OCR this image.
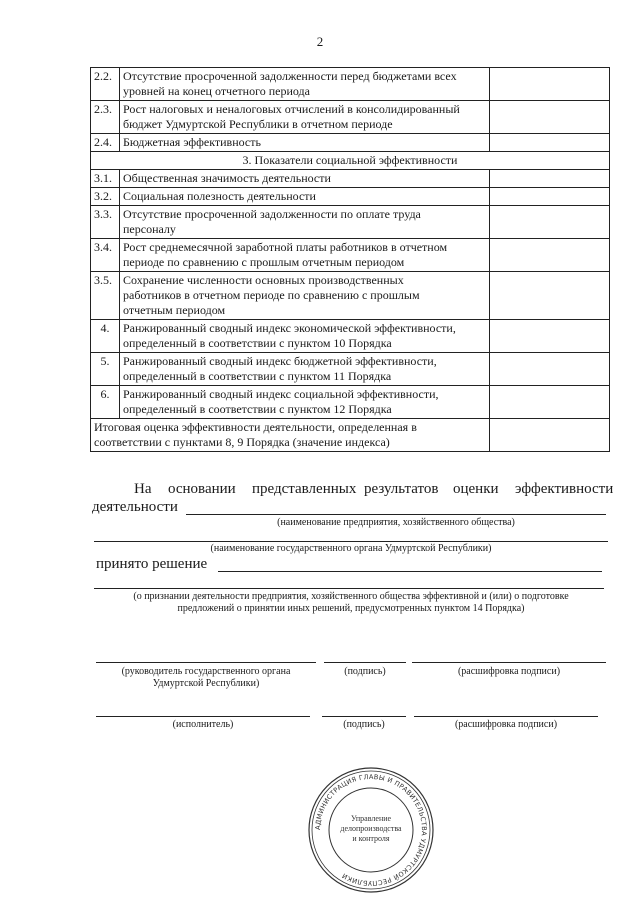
2
2.2.	Отсутствие просроченной задолженности перед бюджетами всех
уровней на конец отчетного периода	
2.3.	Рост налоговых и неналоговых отчислений в консолидированный
бюджет Удмуртской Республики в отчетном периоде	
2.4.	Бюджетная эффективность	
3. Показатели социальной эффективности		
3.1.	Общественная значимость деятельности	
3.2.	Социальная полезность деятельности	
3.3.	Отсутствие просроченной задолженности по оплате труда
персоналу	
3.4.	Рост среднемесячной заработной платы работников в отчетном
периоде по сравнению с прошлым отчетным периодом	
3.5.	Сохранение численности основных производственных
работников в отчетном периоде по сравнению с прошлым
отчетным периодом	
4.	Ранжированный сводный индекс экономической эффективности,
определенный в соответствии с пунктом 10 Порядка	
5.	Ранжированный сводный индекс бюджетной эффективности,
определенный в соответствии с пунктом 11 Порядка	
6.	Ранжированный сводный индекс социальной эффективности,
определенный в соответствии с пунктом 12 Порядка	
Итоговая оценка эффективности деятельности, определенная в
соответствии с пунктами 8, 9 Порядка (значение индекса)		
На основании представленных результатов оценки эффективности
деятельности
(наименование предприятия, хозяйственного общества)
(наименование государственного органа Удмуртской Республики)
принято решение
(о признании деятельности предприятия, хозяйственного общества эффективной и (или) о подготовке
предложений о принятии иных решений, предусмотренных пунктом 14 Порядка)
(руководитель государственного органа
Удмуртской Республики)
(подпись)	(расшифровка подписи)
(исполнитель)	(подпись)	(расшифровка подписи)
АДМИНИСТРАЦИЯ ГЛАВЫ И ПРАВИТЕЛЬСТВА УДМУРТСКОЙ РЕСПУБЛИКИ
Управление
делопроизводства
и контроля
